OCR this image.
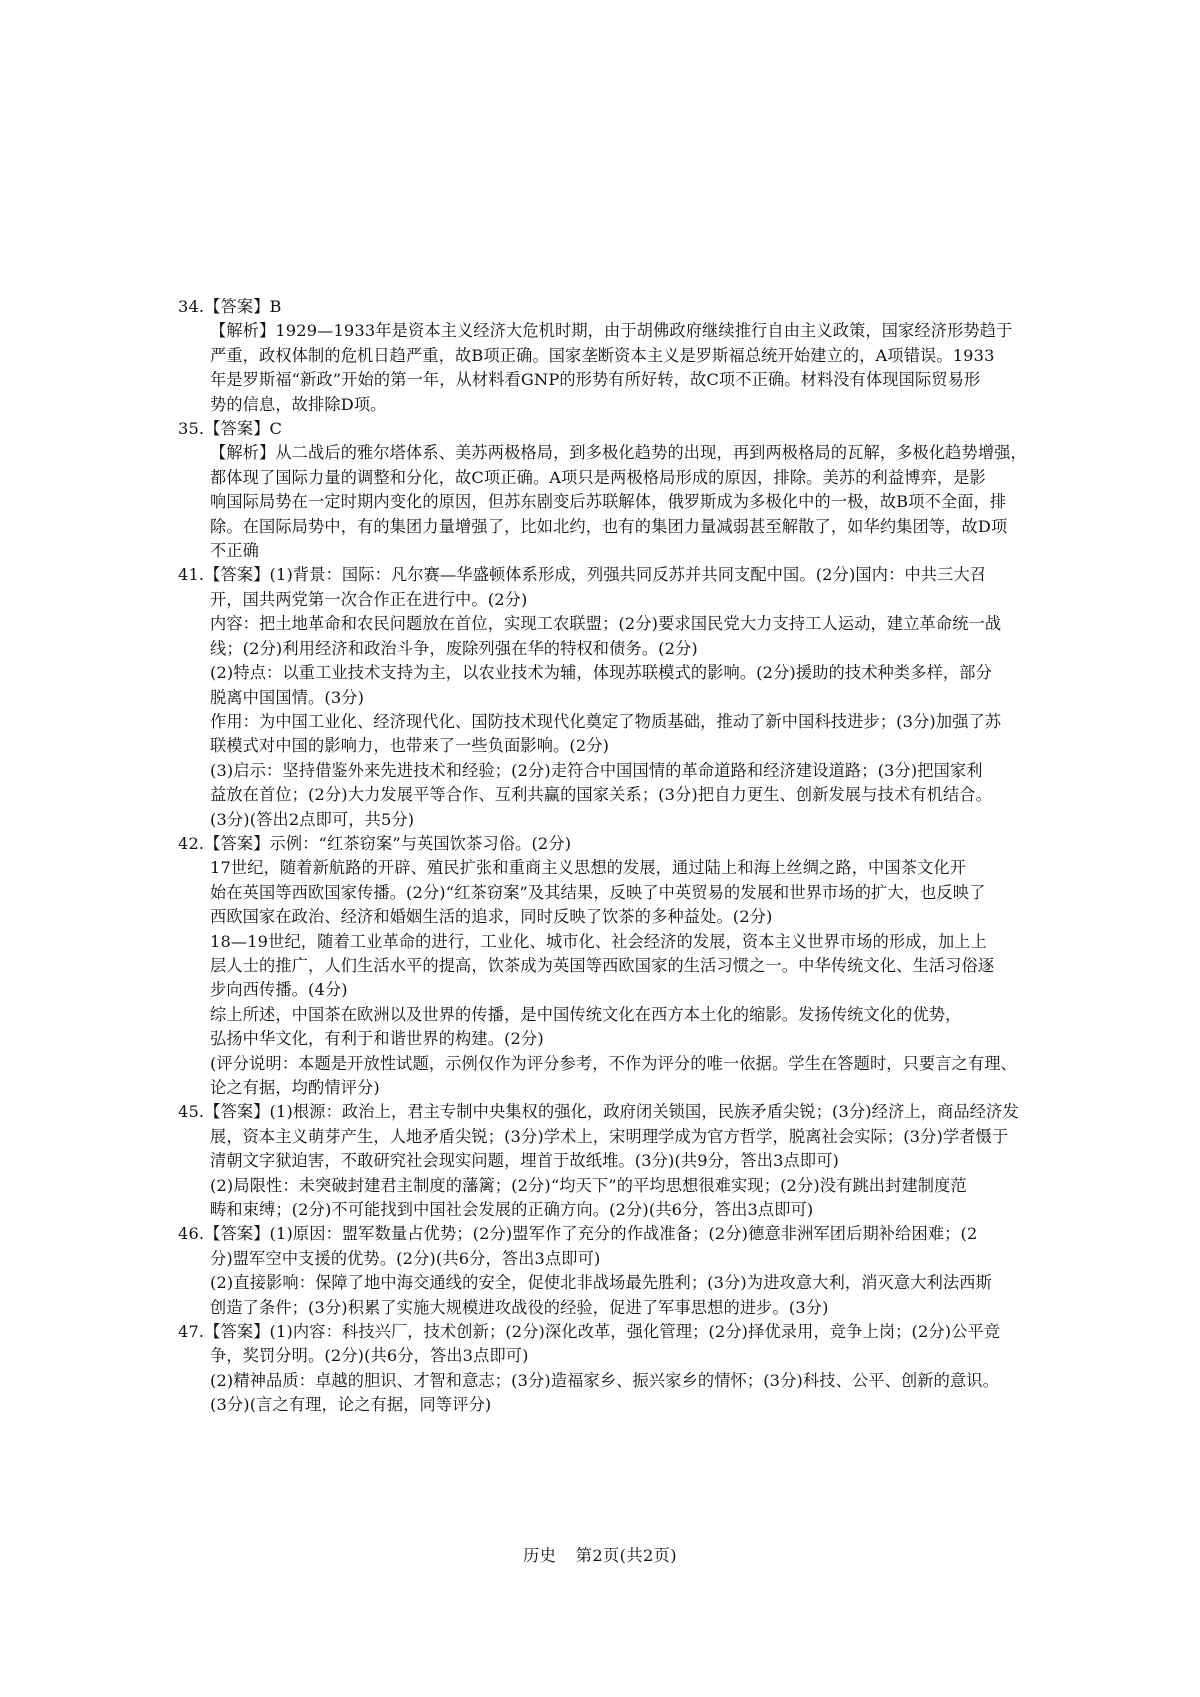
34.【答案】B

【解析】1929—1933年是资本主义经济大危机时期，由于胡佛政府继续推行自由主义政策，国家经济形势趋于

严重，政权体制的危机日趋严重，故B项正确。国家垄断资本主义是罗斯福总统开始建立的，A项错误。1933

年是罗斯福“新政”开始的第一年，从材料看GNP的形势有所好转，故C项不正确。材料没有体现国际贸易形

势的信息，故排除D项。

35.【答案】C

【解析】从二战后的雅尔塔体系、美苏两极格局，到多极化趋势的出现，再到两极格局的瓦解，多极化趋势增强，

都体现了国际力量的调整和分化，故C项正确。A项只是两极格局形成的原因，排除。美苏的利益博弈，是影

响国际局势在一定时期内变化的原因，但苏东剧变后苏联解体，俄罗斯成为多极化中的一极，故B项不全面，排

除。在国际局势中，有的集团力量增强了，比如北约，也有的集团力量减弱甚至解散了，如华约集团等，故D项

不正确

41.【答案】(1)背景：国际：凡尔赛—华盛顿体系形成，列强共同反苏并共同支配中国。(2分)国内：中共三大召

开，国共两党第一次合作正在进行中。(2分)

内容：把土地革命和农民问题放在首位，实现工农联盟；(2分)要求国民党大力支持工人运动，建立革命统一战

线；(2分)利用经济和政治斗争，废除列强在华的特权和债务。(2分)

(2)特点：以重工业技术支持为主，以农业技术为辅，体现苏联模式的影响。(2分)援助的技术种类多样，部分

脱离中国国情。(3分)

作用：为中国工业化、经济现代化、国防技术现代化奠定了物质基础，推动了新中国科技进步；(3分)加强了苏

联模式对中国的影响力，也带来了一些负面影响。(2分)

(3)启示：坚持借鉴外来先进技术和经验；(2分)走符合中国国情的革命道路和经济建设道路；(3分)把国家利

益放在首位；(2分)大力发展平等合作、互利共赢的国家关系；(3分)把自力更生、创新发展与技术有机结合。

(3分)(答出2点即可，共5分)

42.【答案】示例：“红茶窃案”与英国饮茶习俗。(2分)

17世纪，随着新航路的开辟、殖民扩张和重商主义思想的发展，通过陆上和海上丝绸之路，中国茶文化开

始在英国等西欧国家传播。(2分)“红茶窃案”及其结果，反映了中英贸易的发展和世界市场的扩大，也反映了

西欧国家在政治、经济和婚姻生活的追求，同时反映了饮茶的多种益处。(2分)

18—19世纪，随着工业革命的进行，工业化、城市化、社会经济的发展，资本主义世界市场的形成，加上上

层人士的推广，人们生活水平的提高，饮茶成为英国等西欧国家的生活习惯之一。中华传统文化、生活习俗逐

步向西传播。(4分)

综上所述，中国茶在欧洲以及世界的传播，是中国传统文化在西方本土化的缩影。发扬传统文化的优势，

弘扬中华文化，有利于和谐世界的构建。(2分)

(评分说明：本题是开放性试题，示例仅作为评分参考，不作为评分的唯一依据。学生在答题时，只要言之有理、

论之有据，均酌情评分)

45.【答案】(1)根源：政治上，君主专制中央集权的强化，政府闭关锁国，民族矛盾尖锐；(3分)经济上，商品经济发

展，资本主义萌芽产生，人地矛盾尖锐；(3分)学术上，宋明理学成为官方哲学，脱离社会实际；(3分)学者慑于

清朝文字狱迫害，不敢研究社会现实问题，埋首于故纸堆。(3分)(共9分，答出3点即可)

(2)局限性：未突破封建君主制度的藩篱；(2分)“均天下”的平均思想很难实现；(2分)没有跳出封建制度范

畴和束缚；(2分)不可能找到中国社会发展的正确方向。(2分)(共6分，答出3点即可)

46.【答案】(1)原因：盟军数量占优势；(2分)盟军作了充分的作战准备；(2分)德意非洲军团后期补给困难；(2

分)盟军空中支援的优势。(2分)(共6分，答出3点即可)

(2)直接影响：保障了地中海交通线的安全，促使北非战场最先胜利；(3分)为进攻意大利，消灭意大利法西斯

创造了条件；(3分)积累了实施大规模进攻战役的经验，促进了军事思想的进步。(3分)

47.【答案】(1)内容：科技兴厂，技术创新；(2分)深化改革，强化管理；(2分)择优录用，竞争上岗；(2分)公平竞

争，奖罚分明。(2分)(共6分，答出3点即可)

(2)精神品质：卓越的胆识、才智和意志；(3分)造福家乡、振兴家乡的情怀；(3分)科技、公平、创新的意识。

(3分)(言之有理，论之有据，同等评分)

历史 第2页(共2页)
